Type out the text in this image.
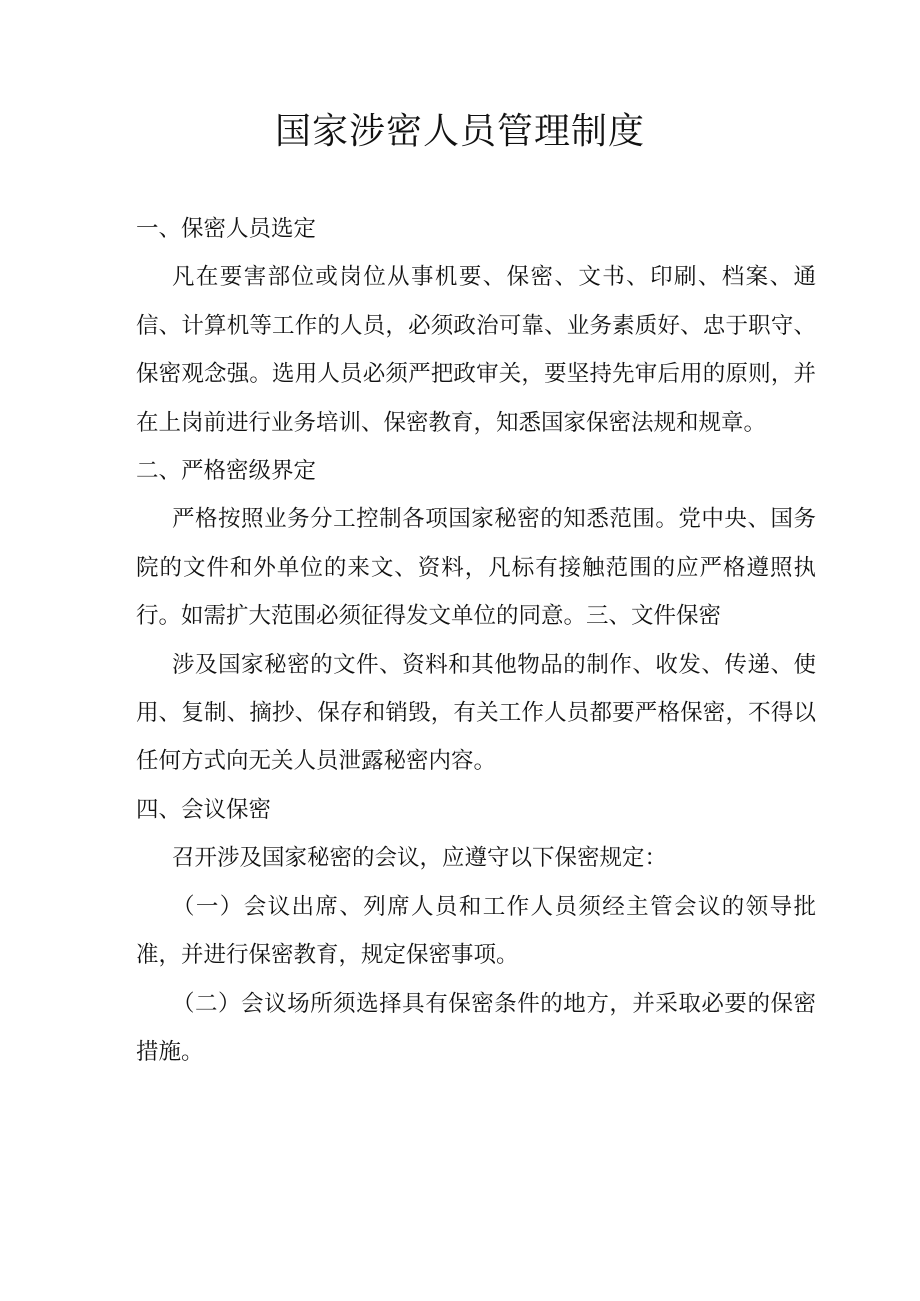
国家涉密人员管理制度

一、保密人员选定

凡在要害部位或岗位从事机要、保密、文书、印刷、档案、通信、计算机等工作的人员，必须政治可靠、业务素质好、忠于职守、保密观念强。选用人员必须严把政审关，要坚持先审后用的原则，并在上岗前进行业务培训、保密教育，知悉国家保密法规和规章。

二、严格密级界定

严格按照业务分工控制各项国家秘密的知悉范围。党中央、国务院的文件和外单位的来文、资料，凡标有接触范围的应严格遵照执行。如需扩大范围必须征得发文单位的同意。三、文件保密

涉及国家秘密的文件、资料和其他物品的制作、收发、传递、使用、复制、摘抄、保存和销毁，有关工作人员都要严格保密，不得以任何方式向无关人员泄露秘密内容。

四、会议保密

召开涉及国家秘密的会议，应遵守以下保密规定：

（一）会议出席、列席人员和工作人员须经主管会议的领导批准，并进行保密教育，规定保密事项。

（二）会议场所须选择具有保密条件的地方，并采取必要的保密措施。
